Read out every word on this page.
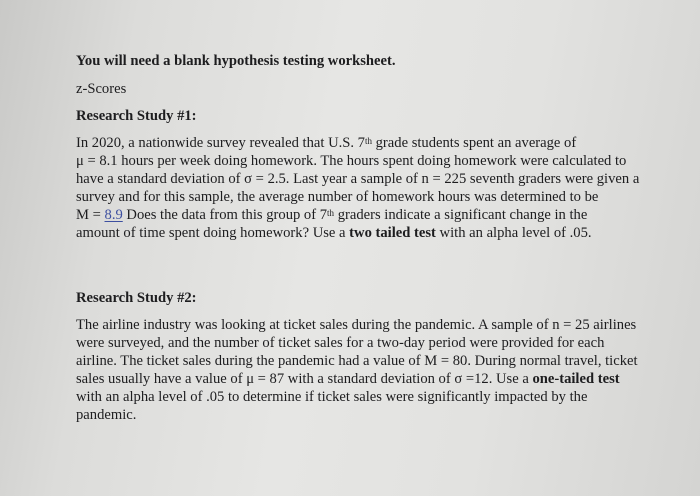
You will need a blank hypothesis testing worksheet.
z-Scores
Research Study #1:
In 2020, a nationwide survey revealed that U.S. 7th grade students spent an average of
μ = 8.1 hours per week doing homework. The hours spent doing homework were calculated to
have a standard deviation of σ = 2.5. Last year a sample of n = 225 seventh graders were given a
survey and for this sample, the average number of homework hours was determined to be
M = 8.9 Does the data from this group of 7th graders indicate a significant change in the
amount of time spent doing homework? Use a two tailed test with an alpha level of .05.
Research Study #2:
The airline industry was looking at ticket sales during the pandemic. A sample of n = 25 airlines
were surveyed, and the number of ticket sales for a two-day period were provided for each
airline. The ticket sales during the pandemic had a value of M = 80. During normal travel, ticket
sales usually have a value of μ = 87 with a standard deviation of σ =12. Use a one-tailed test
with an alpha level of .05 to determine if ticket sales were significantly impacted by the
pandemic.
